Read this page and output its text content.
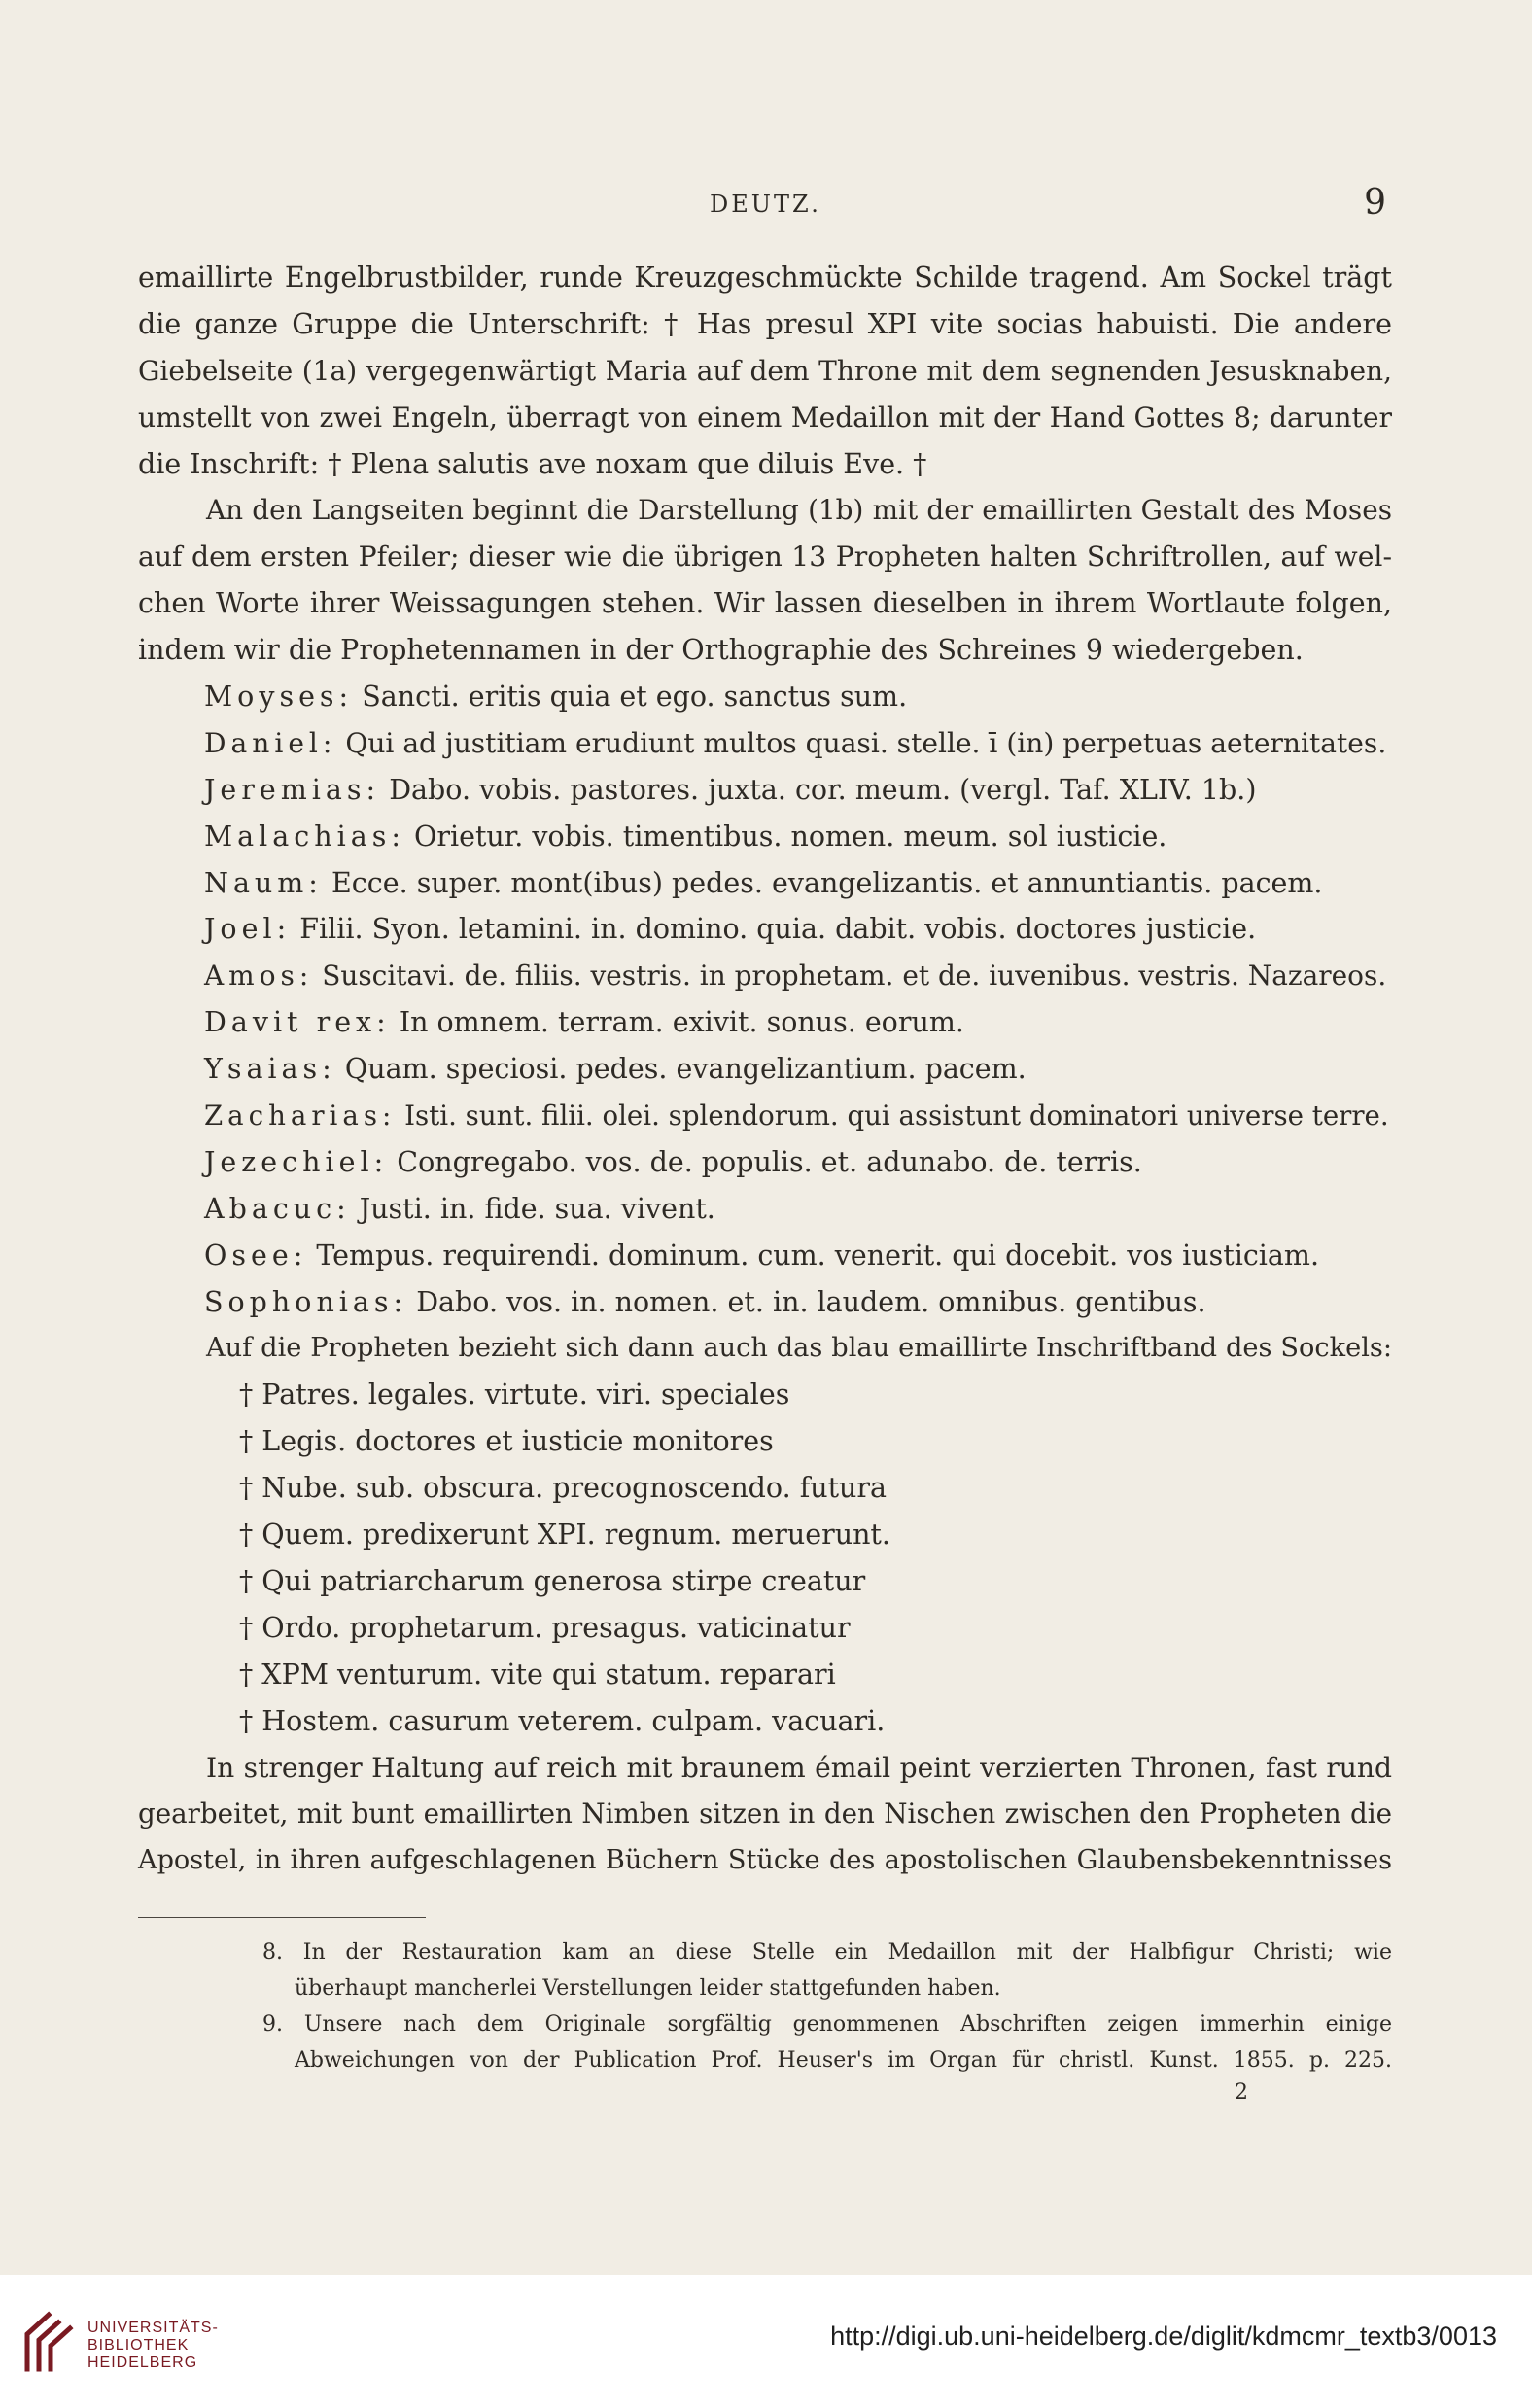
DEUTZ.	9
emaillirte Engelbrustbilder, runde Kreuzgeschmückte Schilde tragend. Am Sockel trägt
die ganze Gruppe die Unterschrift: † Has presul XPI vite socias habuisti. Die andere
Giebelseite (1a) vergegenwärtigt Maria auf dem Throne mit dem segnenden Jesusknaben,
umstellt von zwei Engeln, überragt von einem Medaillon mit der Hand Gottes 8; darunter
die Inschrift: † Plena salutis ave noxam que diluis Eve. †
An den Langseiten beginnt die Darstellung (1b) mit der emaillirten Gestalt des Moses
auf dem ersten Pfeiler; dieser wie die übrigen 13 Propheten halten Schriftrollen, auf wel-
chen Worte ihrer Weissagungen stehen. Wir lassen dieselben in ihrem Wortlaute folgen,
indem wir die Prophetennamen in der Orthographie des Schreines 9 wiedergeben.
Moyses: Sancti. eritis quia et ego. sanctus sum.
Daniel: Qui ad justitiam erudiunt multos quasi. stelle. ī (in) perpetuas aeternitates.
Jeremias: Dabo. vobis. pastores. juxta. cor. meum. (vergl. Taf. XLIV. 1b.)
Malachias: Orietur. vobis. timentibus. nomen. meum. sol iusticie.
Naum: Ecce. super. mont(ibus) pedes. evangelizantis. et annuntiantis. pacem.
Joel: Filii. Syon. letamini. in. domino. quia. dabit. vobis. doctores justicie.
Amos: Suscitavi. de. filiis. vestris. in prophetam. et de. iuvenibus. vestris. Nazareos.
Davit rex: In omnem. terram. exivit. sonus. eorum.
Ysaias: Quam. speciosi. pedes. evangelizantium. pacem.
Zacharias: Isti. sunt. filii. olei. splendorum. qui assistunt dominatori universe terre.
Jezechiel: Congregabo. vos. de. populis. et. adunabo. de. terris.
Abacuc: Justi. in. fide. sua. vivent.
Osee: Tempus. requirendi. dominum. cum. venerit. qui docebit. vos iusticiam.
Sophonias: Dabo. vos. in. nomen. et. in. laudem. omnibus. gentibus.
Auf die Propheten bezieht sich dann auch das blau emaillirte Inschriftband des Sockels:
† Patres. legales. virtute. viri. speciales
† Legis. doctores et iusticie monitores
† Nube. sub. obscura. precognoscendo. futura
† Quem. predixerunt XPI. regnum. meruerunt.
† Qui patriarcharum generosa stirpe creatur
† Ordo. prophetarum. presagus. vaticinatur
† XPM venturum. vite qui statum. reparari
† Hostem. casurum veterem. culpam. vacuari.
In strenger Haltung auf reich mit braunem émail peint verzierten Thronen, fast rund
gearbeitet, mit bunt emaillirten Nimben sitzen in den Nischen zwischen den Propheten die
Apostel, in ihren aufgeschlagenen Büchern Stücke des apostolischen Glaubensbekenntnisses
8. In der Restauration kam an diese Stelle ein Medaillon mit der Halbfigur Christi; wie
überhaupt mancherlei Verstellungen leider stattgefunden haben.
9. Unsere nach dem Originale sorgfältig genommenen Abschriften zeigen immerhin einige
Abweichungen von der Publication Prof. Heuser's im Organ für christl. Kunst. 1855. p. 225.
2
UNIVERSITÄTS-
BIBLIOTHEK
HEIDELBERG
http://digi.ub.uni-heidelberg.de/diglit/kdmcmr_textb3/0013
